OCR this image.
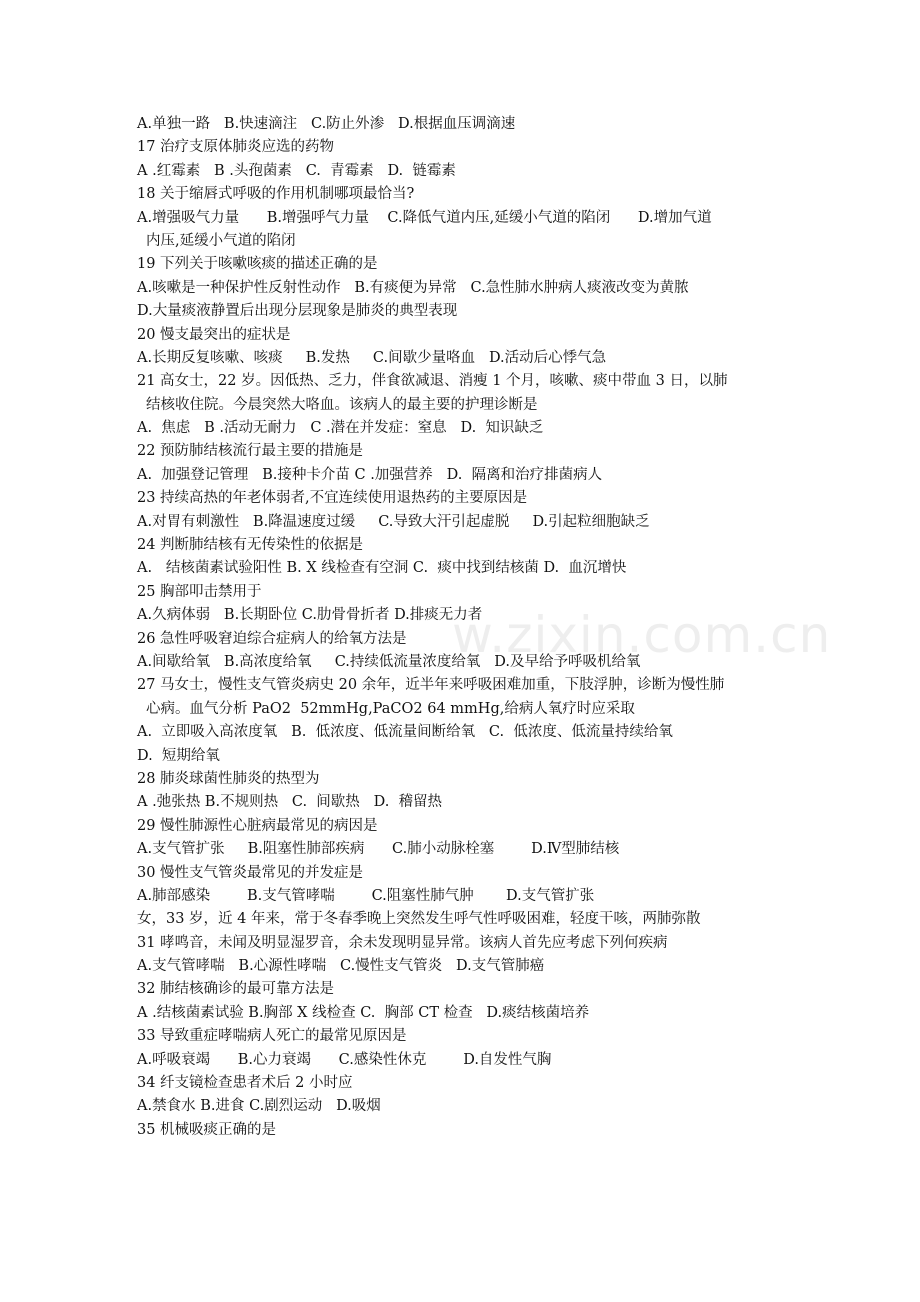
A.单独一路   B.快速滴注   C.防止外渗   D.根据血压调滴速
17 治疗支原体肺炎应选的药物
A .红霉素   B .头孢菌素   C.  青霉素   D.  链霉素
18 关于缩唇式呼吸的作用机制哪项最恰当?
A.增强吸气力量      B.增强呼气力量    C.降低气道内压,延缓小气道的陷闭      D.增加气道
内压,延缓小气道的陷闭
19 下列关于咳嗽咳痰的描述正确的是
A.咳嗽是一种保护性反射性动作   B.有痰便为异常   C.急性肺水肿病人痰液改变为黄脓
D.大量痰液静置后出现分层现象是肺炎的典型表现
20 慢支最突出的症状是
A.长期反复咳嗽、咳痰     B.发热     C.间歇少量咯血   D.活动后心悸气急
21 高女士，22 岁。因低热、乏力，伴食欲减退、消瘦 1 个月，咳嗽、痰中带血 3 日，以肺
结核收住院。今晨突然大咯血。该病人的最主要的护理诊断是
A.  焦虑   B .活动无耐力   C .潜在并发症：窒息   D.  知识缺乏
22 预防肺结核流行最主要的措施是
A.  加强登记管理   B.接种卡介苗 C .加强营养   D.  隔离和治疗排菌病人
23 持续高热的年老体弱者,不宜连续使用退热药的主要原因是
A.对胃有刺激性   B.降温速度过缓     C.导致大汗引起虚脱     D.引起粒细胞缺乏
24 判断肺结核有无传染性的依据是
A.   结核菌素试验阳性 B. X 线检查有空洞 C.  痰中找到结核菌 D.  血沉增快
25 胸部叩击禁用于
A.久病体弱   B.长期卧位 C.肋骨骨折者 D.排痰无力者
26 急性呼吸窘迫综合症病人的给氧方法是
A.间歇给氧   B.高浓度给氧     C.持续低流量浓度给氧   D.及早给予呼吸机给氧
27 马女士，慢性支气管炎病史 20 余年，近半年来呼吸困难加重，下肢浮肿，诊断为慢性肺
心病。血气分析 PaO2  52mmHg,PaCO2 64 mmHg,给病人氧疗时应采取
A.  立即吸入高浓度氧   B.  低浓度、低流量间断给氧   C.  低浓度、低流量持续给氧
D.  短期给氧
28 肺炎球菌性肺炎的热型为
A .弛张热 B.不规则热   C.  间歇热   D.  稽留热
29 慢性肺源性心脏病最常见的病因是
A.支气管扩张     B.阻塞性肺部疾病      C.肺小动脉栓塞        D.Ⅳ型肺结核
30 慢性支气管炎最常见的并发症是
A.肺部感染        B.支气管哮喘        C.阻塞性肺气肿       D.支气管扩张
女，33 岁，近 4 年来，常于冬春季晚上突然发生呼气性呼吸困难，轻度干咳，两肺弥散
31 哮鸣音，未闻及明显湿罗音，余未发现明显异常。该病人首先应考虑下列何疾病
A.支气管哮喘   B.心源性哮喘   C.慢性支气管炎   D.支气管肺癌
32 肺结核确诊的最可靠方法是
A .结核菌素试验 B.胸部 X 线检查 C.  胸部 CT 检查   D.痰结核菌培养
33 导致重症哮喘病人死亡的最常见原因是
A.呼吸衰竭      B.心力衰竭      C.感染性休克        D.自发性气胸
34 纤支镜检查患者术后 2 小时应
A.禁食水 B.进食 C.剧烈运动   D.吸烟
35 机械吸痰正确的是
w.zixin.com.cn
